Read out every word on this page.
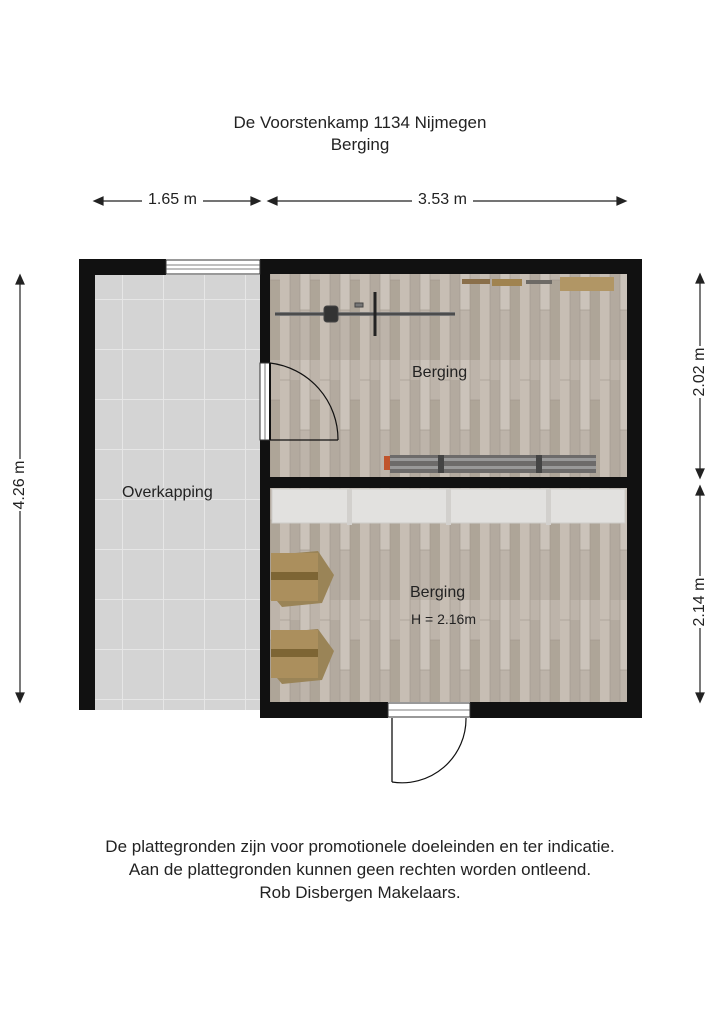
De Voorstenkamp 1134 Nijmegen
Berging
1.65 m	3.53 m
4.26 m
2.02 m
2.14 m
Overkapping
Berging
Berging
H = 2.16m
De plattegronden zijn voor promotionele doeleinden en ter indicatie.
Aan de plattegronden kunnen geen rechten worden ontleend.
Rob Disbergen Makelaars.
